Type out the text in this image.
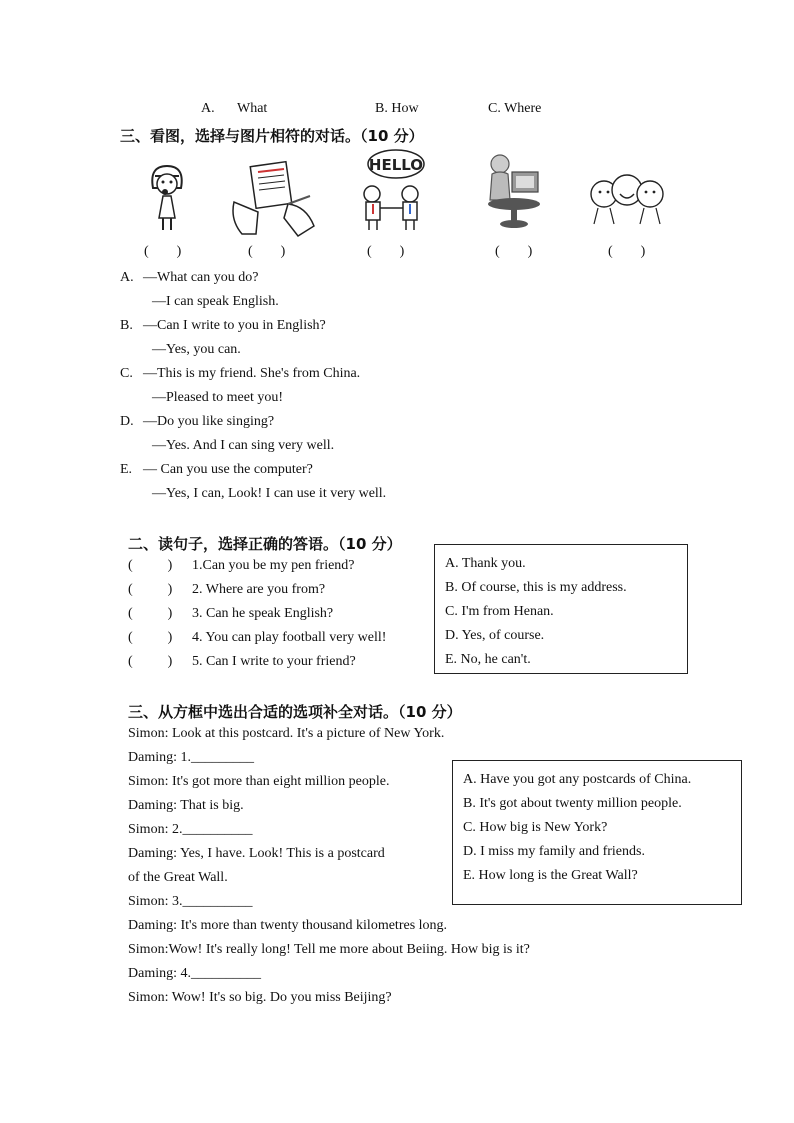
A. What	B. How	C. Where
三、看图，选择与图片相符的对话。（10 分）
HELLO
(        )	(        )	(        )	(        )	(        )
A. —What can you do?
—I can speak English.
B. —Can I write to you in English?
—Yes, you can.
C. —This is my friend. She's from China.
—Pleased to meet you!
D. —Do you like singing?
—Yes. And I can sing very well.
E. — Can you use the computer?
—Yes, I can, Look! I can use it very well.
二、读句子，选择正确的答语。（10 分）
(          ) 1.Can you be my pen friend?
(          ) 2. Where are you from?
(          ) 3. Can he speak English?
(          ) 4. You can play football very well!
(          ) 5. Can I write to your friend?
A. Thank you.
B. Of course, this is my address.
C. I'm from Henan.
D. Yes, of course.
E. No, he can't.
三、从方框中选出合适的选项补全对话。（10 分）
Simon: Look at this postcard. It's a picture of New York.
Daming: 1._________
Simon: It's got more than eight million people.
Daming: That is big.
Simon: 2.__________
Daming: Yes, I have. Look! This is a postcard
of the Great Wall.
Simon: 3.__________
Daming: It's more than twenty thousand kilometres long.
Simon:Wow! It's really long! Tell me more about Beiing. How big is it?
Daming: 4.__________
Simon: Wow! It's so big. Do you miss Beijing?
A. Have you got any postcards of China.
B. It's got about twenty million people.
C. How big is New York?
D. I miss my family and friends.
E. How long is the Great Wall?
